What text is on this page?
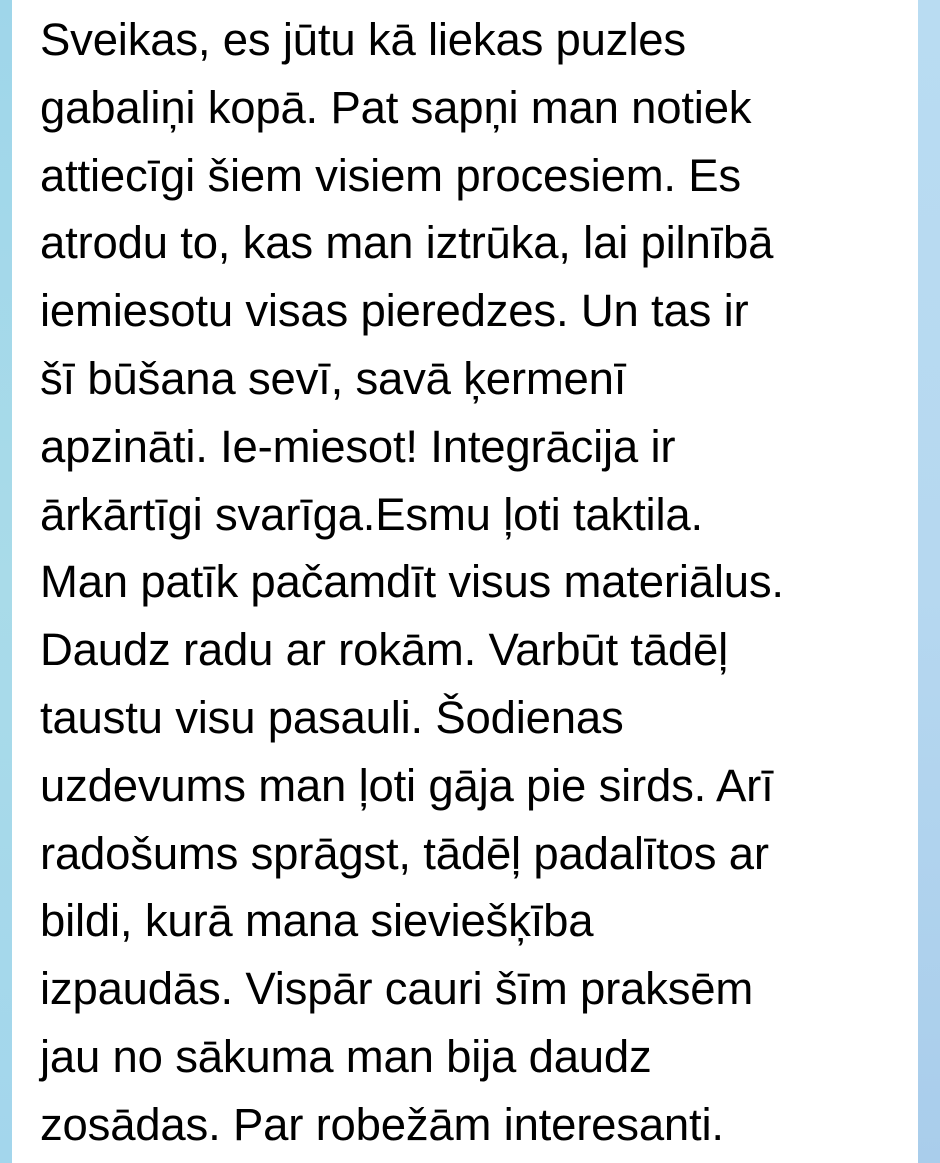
Sveikas, es jūtu kā liekas puzles
gabaliņi kopā. Pat sapņi man notiek
attiecīgi šiem visiem procesiem. Es
atrodu to, kas man iztrūka, lai pilnībā
iemiesotu visas pieredzes. Un tas ir
šī būšana sevī, savā ķermenī
apzināti. Ie-miesot! Integrācija ir
ārkārtīgi svarīga.Esmu ļoti taktila.
Man patīk pačamdīt visus materiālus.
Daudz radu ar rokām. Varbūt tādēļ
taustu visu pasauli. Šodienas
uzdevums man ļoti gāja pie sirds. Arī
radošums sprāgst, tādēļ padalītos ar
bildi, kurā mana sieviešķība
izpaudās. Vispār cauri šīm praksēm
jau no sākuma man bija daudz
zosādas. Par robežām interesanti.
